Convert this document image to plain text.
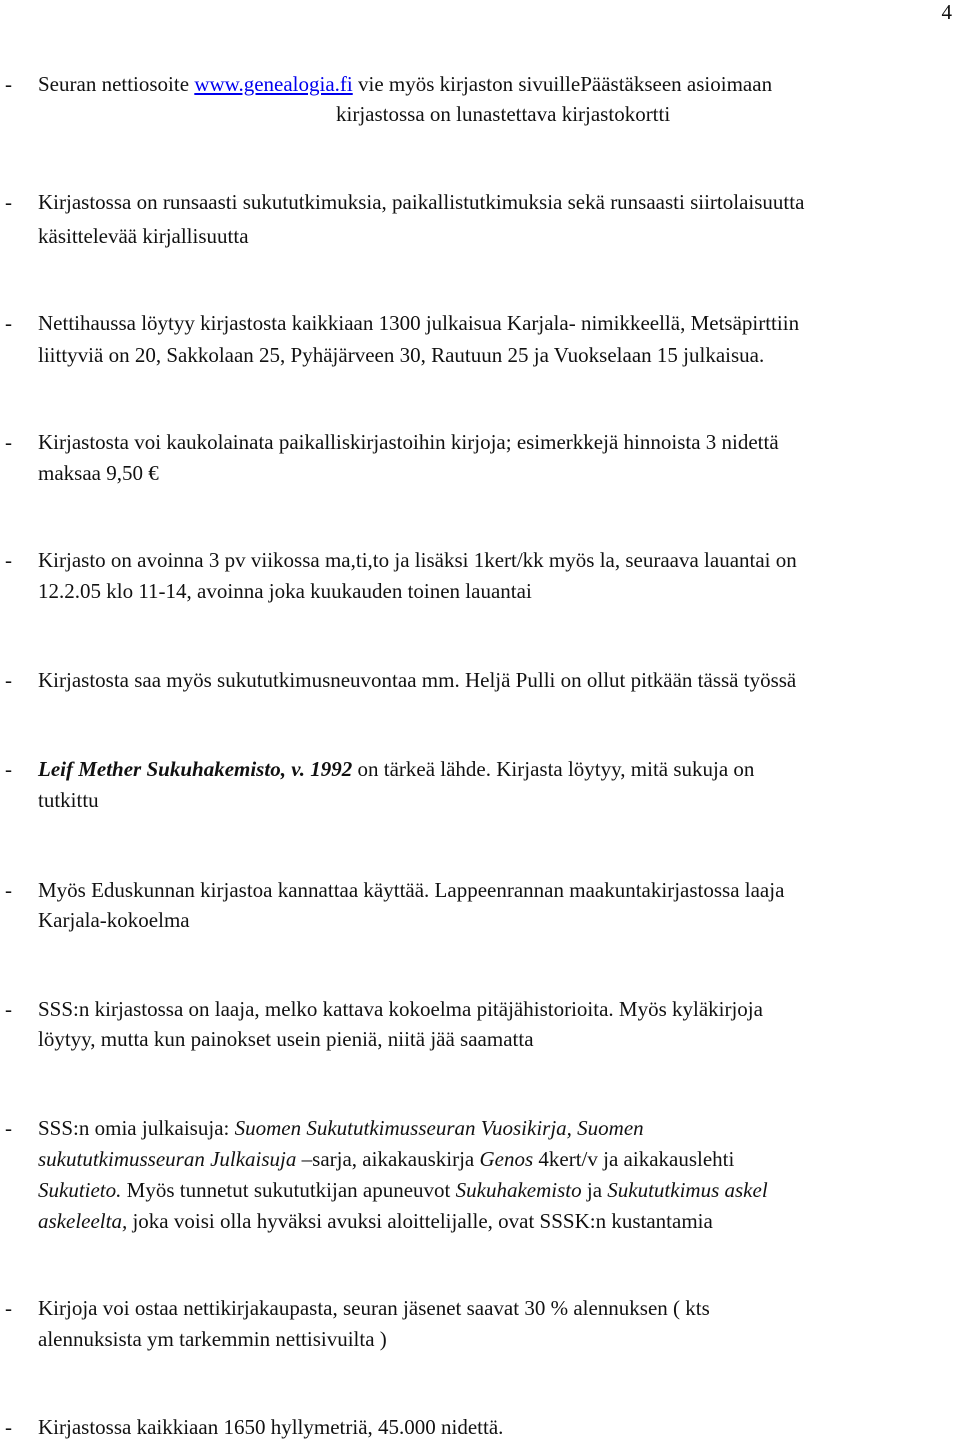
4
- Seuran nettiosoite www.genealogia.fi vie myös kirjaston sivuillePäästäkseen asioimaan
kirjastossa on lunastettava kirjastokortti
- Kirjastossa on runsaasti sukututkimuksia, paikallistutkimuksia sekä runsaasti siirtolaisuutta
käsittelevää kirjallisuutta
- Nettihaussa löytyy kirjastosta kaikkiaan 1300 julkaisua Karjala- nimikkeellä, Metsäpirttiin
liittyviä on 20, Sakkolaan 25, Pyhäjärveen 30, Rautuun 25 ja Vuokselaan 15 julkaisua.
- Kirjastosta voi kaukolainata paikalliskirjastoihin kirjoja; esimerkkejä hinnoista 3 nidettä
maksaa 9,50 €
- Kirjasto on avoinna 3 pv viikossa ma,ti,to ja lisäksi 1kert/kk myös la, seuraava lauantai on
12.2.05 klo 11-14, avoinna joka kuukauden toinen lauantai
- Kirjastosta saa myös sukututkimusneuvontaa mm. Heljä Pulli on ollut pitkään tässä työssä
- Leif Mether Sukuhakemisto, v. 1992 on tärkeä lähde. Kirjasta löytyy, mitä sukuja on
tutkittu
- Myös Eduskunnan kirjastoa kannattaa käyttää. Lappeenrannan maakuntakirjastossa laaja
Karjala-kokoelma
- SSS:n kirjastossa on laaja, melko kattava kokoelma pitäjähistorioita. Myös kyläkirjoja
löytyy, mutta kun painokset usein pieniä, niitä jää saamatta
- SSS:n omia julkaisuja: Suomen Sukututkimusseuran Vuosikirja, Suomen
sukututkimusseuran Julkaisuja –sarja, aikakauskirja Genos 4kert/v ja aikakauslehti
Sukutieto. Myös tunnetut sukututkijan apuneuvot Sukuhakemisto ja Sukututkimus askel
askeleelta, joka voisi olla hyväksi avuksi aloittelijalle, ovat SSSK:n kustantamia
- Kirjoja voi ostaa nettikirjakaupasta, seuran jäsenet saavat 30 % alennuksen ( kts
alennuksista ym tarkemmin nettisivuilta )
- Kirjastossa kaikkiaan 1650 hyllymetriä, 45.000 nidettä.
